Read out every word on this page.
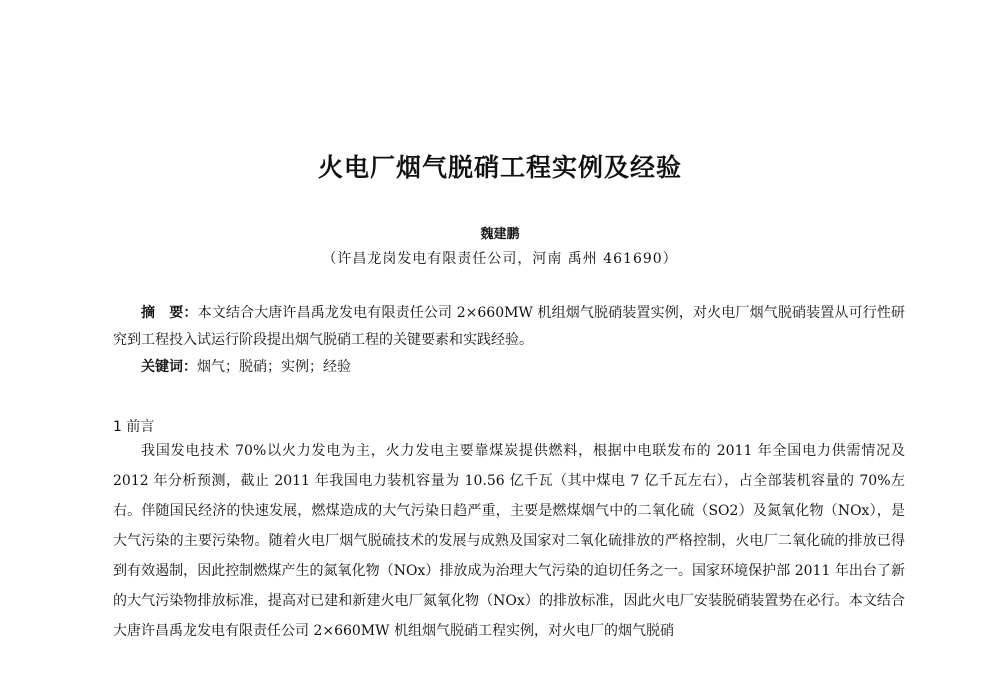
火电厂烟气脱硝工程实例及经验
魏建鹏
（许昌龙岗发电有限责任公司，河南 禹州 461690）
摘　要：本文结合大唐许昌禹龙发电有限责任公司 2×660MW 机组烟气脱硝装置实例，对火电厂烟气脱硝装置从可行性研究到工程投入试运行阶段提出烟气脱硝工程的关键要素和实践经验。
关键词：烟气；脱硝；实例；经验
1 前言
我国发电技术 70%以火力发电为主，火力发电主要靠煤炭提供燃料，根据中电联发布的 2011 年全国电力供需情况及 2012 年分析预测，截止 2011 年我国电力装机容量为 10.56 亿千瓦（其中煤电 7 亿千瓦左右），占全部装机容量的 70%左右。伴随国民经济的快速发展，燃煤造成的大气污染日趋严重，主要是燃煤烟气中的二氧化硫（SO2）及氮氧化物（NOx），是大气污染的主要污染物。随着火电厂烟气脱硫技术的发展与成熟及国家对二氧化硫排放的严格控制，火电厂二氧化硫的排放已得到有效遏制，因此控制燃煤产生的氮氧化物（NOx）排放成为治理大气污染的迫切任务之一。国家环境保护部 2011 年出台了新的大气污染物排放标准，提高对已建和新建火电厂氮氧化物（NOx）的排放标准，因此火电厂安装脱硝装置势在必行。本文结合大唐许昌禹龙发电有限责任公司 2×660MW 机组烟气脱硝工程实例，对火电厂的烟气脱硝
